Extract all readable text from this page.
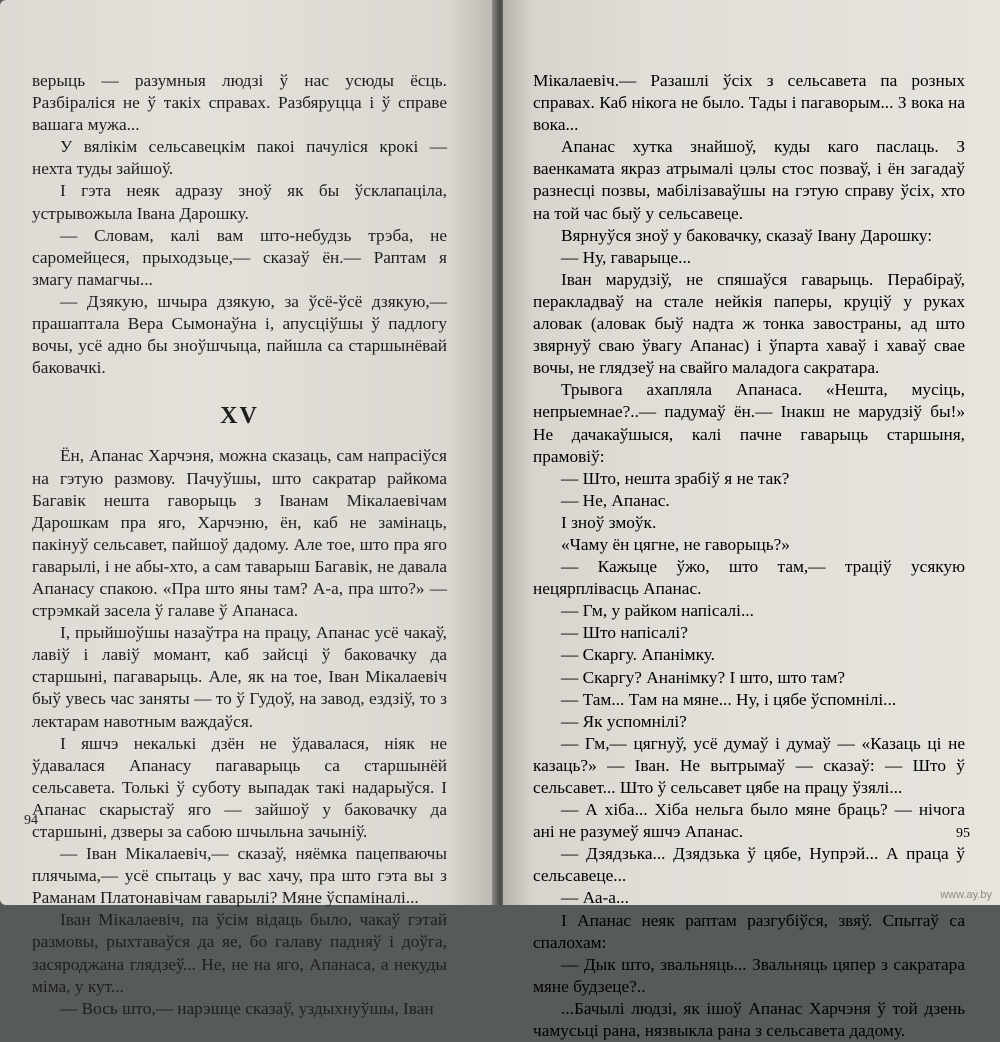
верыць — разумныя людзі ў нас усюды ёсць. Разбіраліся не ў такіх справах. Разбяруцца і ў справе вашага мужа...

У вялікім сельсавецкім пакоі пачуліся крокі — нехта туды зайшоў.

І гэта неяк адразу зноў як бы ўсклапацiла, устрывожыла Івана Дарошку.

— Словам, калі вам што-небудзь трэба, не саромейцеся, прыходзьце,— сказаў ён.— Раптам я змагу памагчы...

— Дзякую, шчыра дзякую, за ўсё-ўсё дзякую,— прашаптала Вера Сымонаўна і, апусціўшы ў падлогу вочы, усё адно бы зноўшчыца, пайшла са старшынёвай баковачкі.

XV

Ён, Апанас Харчэня, можна сказаць, сам напрасіўся на гэтую размову. Пачуўшы, што сакратар райкома Багавік нешта гаворыць з Іванам Мікалаевічам Дарошкам пра яго, Харчэню, ён, каб не замінаць, пакінуў сельсавет, пайшоў дадому. Але тое, што пра яго гаварылі, і не абы-хто, а сам таварыш Багавік, не давала Апанасу спакою. «Пра што яны там? А-а, пра што?» — стрэмкай засела ў галаве ў Апанаса.

І, прыйшоўшы назаўтра на працу, Апанас усё чакаў, лавіў і лавіў момант, каб зайсці ў баковачку да старшыні, пагаварыць. Але, як на тое, Іван Мікалаевіч быў увесь час заняты — то ў Гудоў, на завод, ездзіў, то з лектарам навотным важдаўся.

І яшчэ некалькі дзён не ўдавалася, ніяк не ўдавалася Апанасу пагаварыць са старшынёй сельсавета. Толькі ў суботу выпадак такі надарыўся. І Апанас скарыстаў яго — зайшоў у баковачку да старшыні, дзверы за сабою шчыльна зачыніў.

— Іван Мікалаевіч,— сказаў, няёмка пацепваючы плячыма,— усё спытаць у вас хачу, пра што гэта вы з Раманам Платонавічам гаварылі? Мяне ўспаміналі...

Іван Мікалаевіч, па ўсім відаць было, чакаў гэтай размовы, рыхтаваўся да яе, бо галаву падняў і доўга, засяроджана глядзеў... Не, не на яго, Апанаса, а некуды міма, у кут...

— Вось што,— нарэшце сказаў, уздыхнуўшы, Іван

94

Мікалаевіч.— Разашлі ўсіх з сельсавета па розных справах. Каб нікога не было. Тады і пагаворым... З вока на вока...

Апанас хутка знайшоў, куды каго паслаць. З ваенкамата якраз атрымалі цэлы стос позваў, і ён загадаў разнесці позвы, мабілізаваўшы на гэтую справу ўсіх, хто на той час быў у сельсавеце.

Вярнуўся зноў у баковачку, сказаў Івану Дарошку:

— Ну, гаварыце...

Іван марудзіў, не спяшаўся гаварыць. Перабіраў, перакладваў на стале нейкія паперы, круціў у руках аловак (аловак быў надта ж тонка завостраны, ад што звярнуў сваю ўвагу Апанас) і ўпарта хаваў і хаваў свае вочы, не глядзеў на свайго маладога сакратара.

Трывога ахапляла Апанаса. «Нешта, мусіць, непрыемнае?..— падумаў ён.— Інакш не марудзіў бы!» Не дачакаўшыся, калі пачне гаварыць старшыня, прамовіў:

— Што, нешта зрабіў я не так?

— Не, Апанас.

І зноў змоўк.

«Чаму ён цягне, не гаворыць?»

— Кажыце ўжо, што там,— траціў усякую нецярплівасць Апанас.

— Гм, у райком напісалі...

— Што напісалі?

— Скаргу. Апанімку.

— Скаргу? Ананімку? І што, што там?

— Там... Там на мяне... Ну, і цябе ўспомнілі...

— Як успомнілі?

— Гм,— цягнуў, усё думаў і думаў — «Казаць ці не казаць?» — Іван. Не вытрымаў — сказаў: — Што ў сельсавет... Што ў сельсавет цябе на працу ўзялі...

— А хіба... Хіба нельга было мяне браць? — нічога ані не разумеў яшчэ Апанас.

— Дзядзька... Дзядзька ў цябе, Нупрэй... А праца ў сельсавеце...

— Аа-а...

І Апанас неяк раптам разгубіўся, звяў. Спытаў са спалохам:

— Дык што, звальняць... Звальняць цяпер з сакратара мяне будзеце?..

...Бачылі людзі, як ішоў Апанас Харчэня ў той дзень чамусьці рана, нязвыкла рана з сельсавета дадому.

95
www.ay.by
